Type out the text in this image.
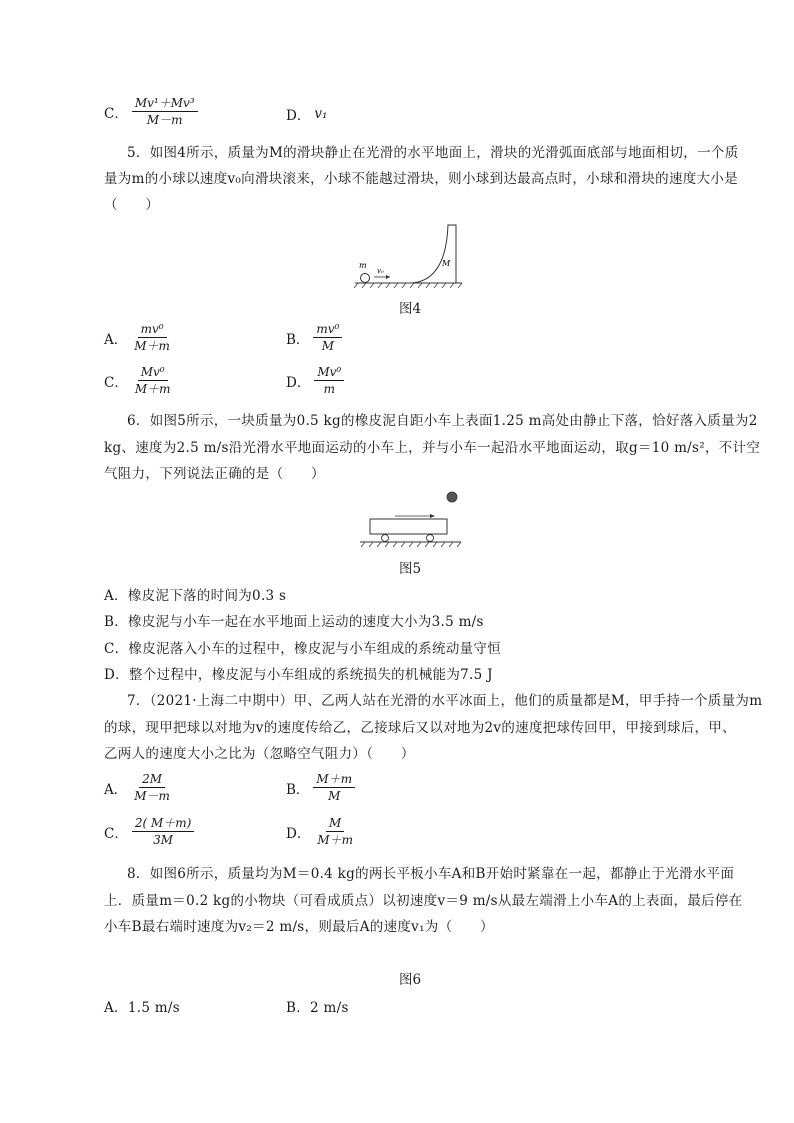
C． $\frac{\text{Mv¹＋Mv³}}{M-m}$	D． v₁
5．如图4所示，质量为M的滑块静止在光滑的水平地面上，滑块的光滑弧面底部与地面相切，一个质
量为m的小球以速度v₀向滑块滚来，小球不能越过滑块，则小球到达最高点时，小球和滑块的速度大小是
（　　）
m
v₀
M
图4
A． $\frac{\text{mv⁰}}{M+m}$	B． $\frac{\text{mv⁰}}{M}$
C． $\frac{\text{Mv⁰}}{M+m}$	D． $\frac{\text{Mv⁰}}{m}$
6．如图5所示，一块质量为0.5 kg的橡皮泥自距小车上表面1.25 m高处由静止下落，恰好落入质量为2
kg、速度为2.5 m/s沿光滑水平地面运动的小车上，并与小车一起沿水平地面运动，取g＝10 m/s²，不计空
气阻力，下列说法正确的是（　　）
图5
A．橡皮泥下落的时间为0.3 s
B．橡皮泥与小车一起在水平地面上运动的速度大小为3.5 m/s
C．橡皮泥落入小车的过程中，橡皮泥与小车组成的系统动量守恒
D．整个过程中，橡皮泥与小车组成的系统损失的机械能为7.5 J
7．（2021·上海二中期中）甲、乙两人站在光滑的水平冰面上，他们的质量都是M，甲手持一个质量为m
的球，现甲把球以对地为v的速度传给乙，乙接球后又以对地为2v的速度把球传回甲，甲接到球后，甲、
乙两人的速度大小之比为（忽略空气阻力）（　　）
A． $\frac{2M}{M-m}$	B． $\frac{M+m}{M}$
C． $\frac{2( M+m)}{3M}$	D． $\frac{M}{M+m}$
8．如图6所示，质量均为M＝0.4 kg的两长平板小车A和B开始时紧靠在一起，都静止于光滑水平面
上．质量m＝0.2 kg的小物块（可看成质点）以初速度v＝9 m/s从最左端滑上小车A的上表面，最后停在
小车B最右端时速度为v₂＝2 m/s，则最后A的速度v₁为（　　）
图6
A．1.5 m/s	B．2 m/s
